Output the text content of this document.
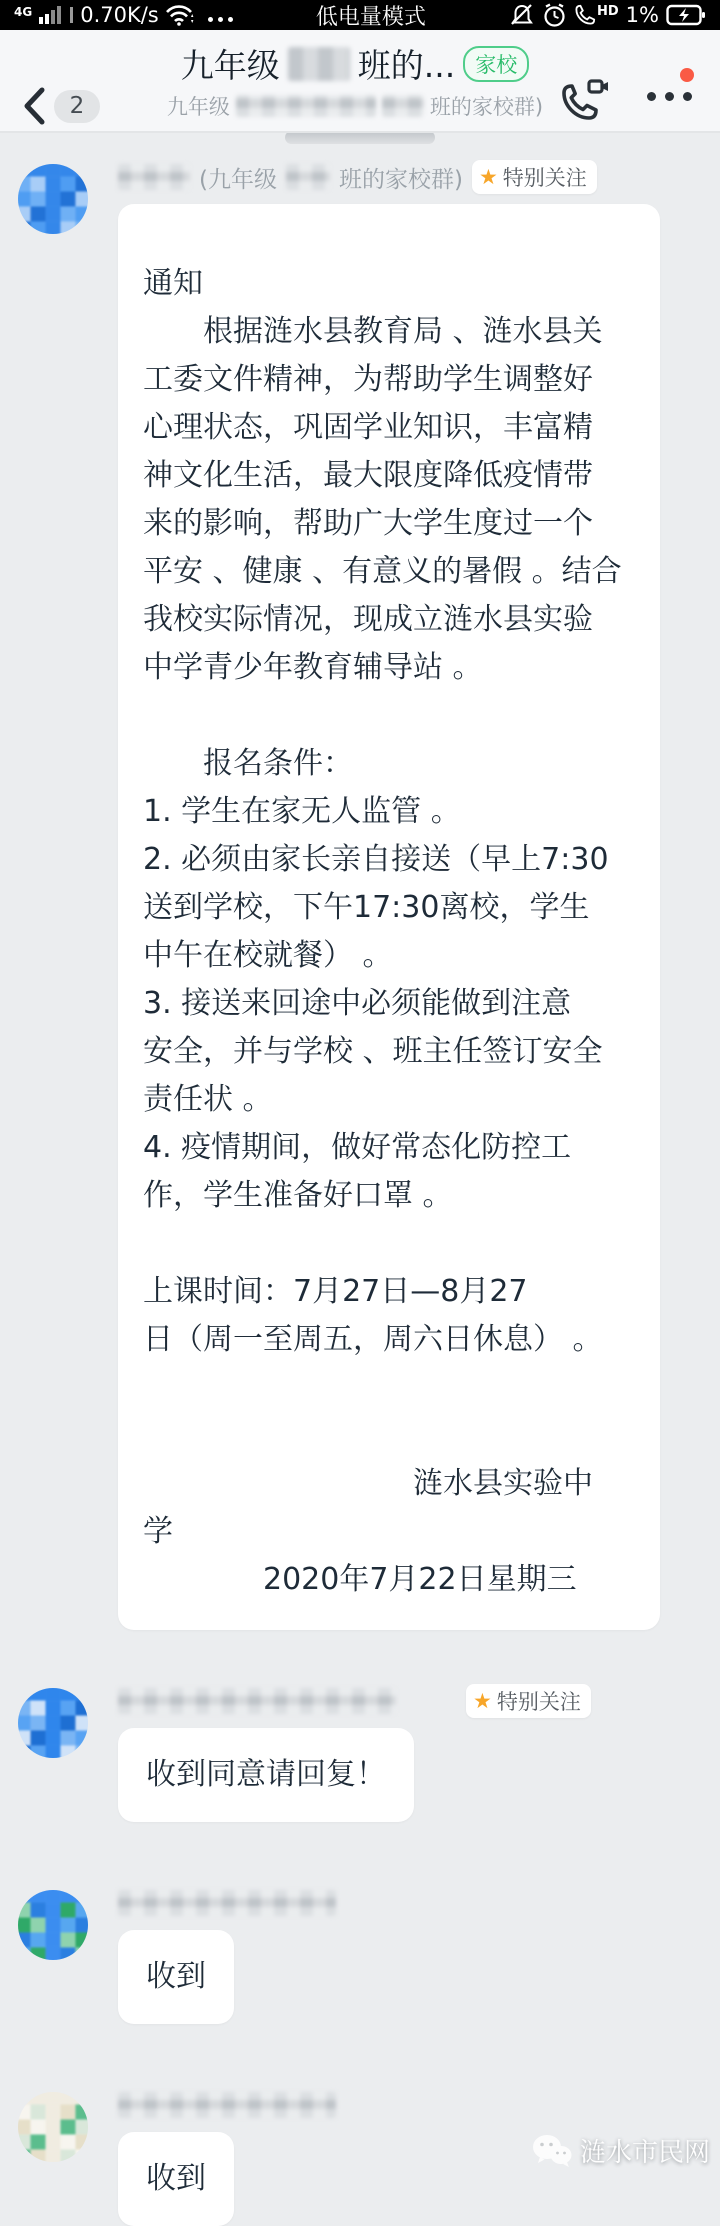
4G 0.70K/s	低电量模式	HD 1%
2
九年级 班的... 家校
九年级	班的家校群)
(九年级	班的家校群) ★ 特别关注
通知
　　根据涟水县教育局 、涟水县关
工委文件精神，为帮助学生调整好
心理状态，巩固学业知识，丰富精
神文化生活，最大限度降低疫情带
来的影响，帮助广大学生度过一个
平安 、健康 、有意义的暑假 。结合
我校实际情况，现成立涟水县实验
中学青少年教育辅导站 。

　　报名条件：
1. 学生在家无人监管 。
2. 必须由家长亲自接送（早上7:30
送到学校，下午17:30离校，学生
中午在校就餐） 。
3. 接送来回途中必须能做到注意
安全，并与学校 、班主任签订安全
责任状 。
4. 疫情期间，做好常态化防控工
作，学生准备好口罩 。

上课时间：7月27日—8月27
日（周一至周五，周六日休息） 。

　　　　　　　　　涟水县实验中
学
　　　　2020年7月22日星期三
★ 特别关注
收到同意请回复！
收到
收到
涟水市民网
